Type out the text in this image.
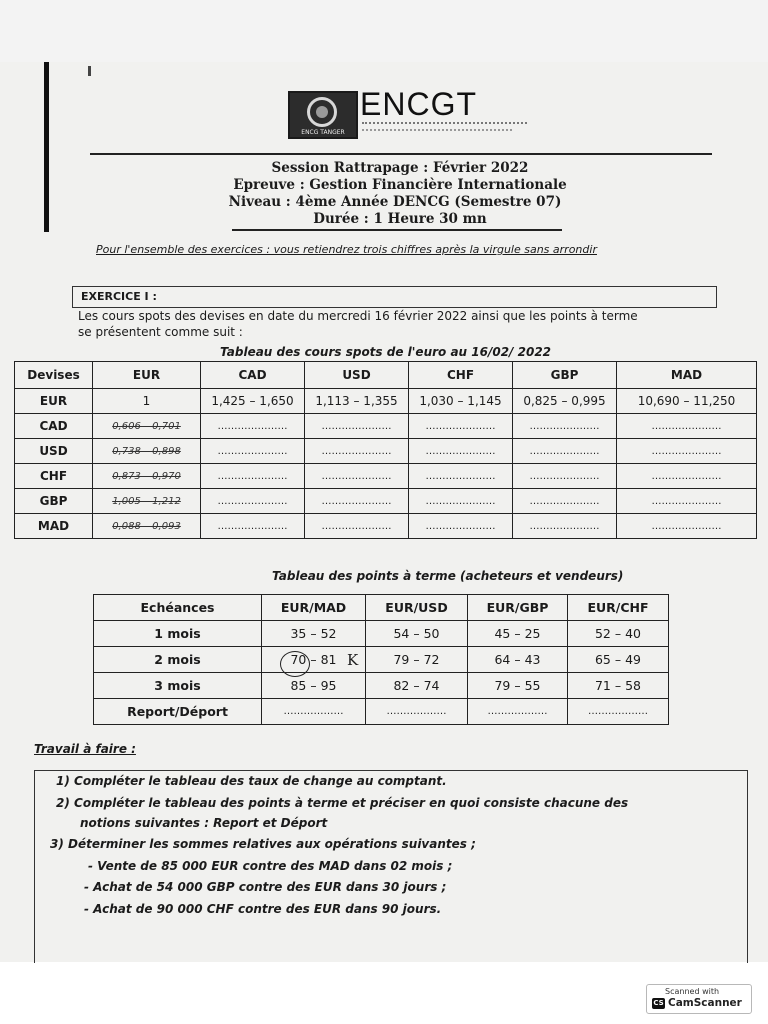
ENCG TANGER
ENCGT
Session Rattrapage : Février 2022
Epreuve : Gestion Financière Internationale
Niveau : 4ème Année DENCG (Semestre 07)
Durée : 1 Heure 30 mn
Pour l'ensemble des exercices : vous retiendrez trois chiffres après la virgule sans arrondir
EXERCICE I :
Les cours spots des devises en date du mercredi 16 février 2022 ainsi que les points à terme
se présentent comme suit :
Tableau des cours spots de l'euro au 16/02/ 2022
Devises	EUR	CAD	USD	CHF	GBP	MAD
EUR	1	1,425 – 1,650	1,113 – 1,355	1,030 – 1,145	0,825 – 0,995	10,690 – 11,250
CAD	0,606 – 0,701	…………………	…………………	…………………	…………………	…………………
USD	0,738 – 0,898	…………………	…………………	…………………	…………………	…………………
CHF	0,873 – 0,970	…………………	…………………	…………………	…………………	…………………
GBP	1,005 – 1,212	…………………	…………………	…………………	…………………	…………………
MAD	0,088 – 0,093	…………………	…………………	…………………	…………………	…………………
Tableau des points à terme (acheteurs et vendeurs)
Echéances	EUR/MAD	EUR/USD	EUR/GBP	EUR/CHF
1 mois	35 – 52	54 – 50	45 – 25	52 – 40
2 mois	70 – 81	79 – 72	64 – 43	65 – 49
3 mois	85 – 95	82 – 74	79 – 55	71 – 58
Report/Déport	………………	………………	………………	………………
K
Travail à faire :
1) Compléter le tableau des taux de change au comptant.
2) Compléter le tableau des points à terme et préciser en quoi consiste chacune des
notions suivantes : Report et Déport
3) Déterminer les sommes relatives aux opérations suivantes ;
- Vente de 85 000 EUR contre des MAD dans 02 mois ;
- Achat de 54 000 GBP contre des EUR dans 30 jours ;
- Achat de 90 000 CHF contre des EUR dans 90 jours.
Scanned with
CS CamScanner
